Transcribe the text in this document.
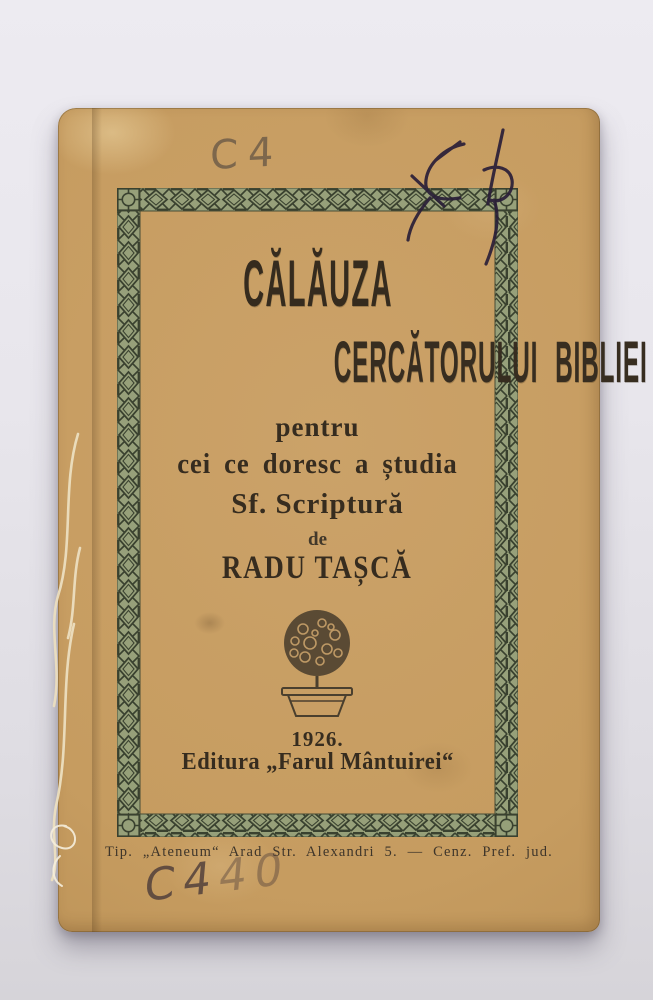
CĂLĂUZA
CERCĂTORULUI BIBLIEI
pentru
cei ce doresc a ștudia
Sf. Scriptură
de
RADU TAȘCĂ
1926.
Editura „Farul Mântuirei“
Tip. „Ateneum“ Arad Str. Alexandri 5. — Cenz. Pref. jud.
C4
C440
